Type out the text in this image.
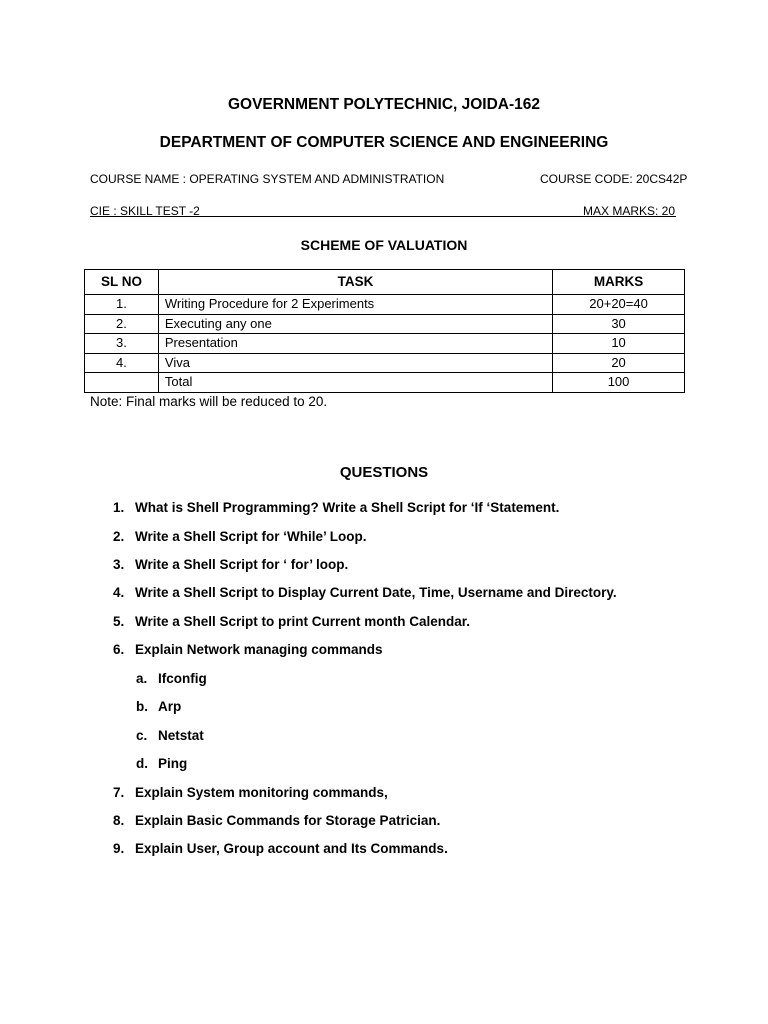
GOVERNMENT POLYTECHNIC, JOIDA-162
DEPARTMENT OF COMPUTER SCIENCE AND ENGINEERING
COURSE NAME : OPERATING SYSTEM AND ADMINISTRATION	COURSE CODE: 20CS42P
CIE : SKILL TEST -2	MAX MARKS: 20
SCHEME OF VALUATION
SL NO	TASK	MARKS
1.	Writing Procedure for 2 Experiments	20+20=40
2.	Executing any one	30
3.	Presentation	10
4.	Viva	20
	Total	100
Note: Final marks will be reduced to 20.
QUESTIONS
1. What is Shell Programming? Write a Shell Script for ‘If ‘Statement.
2. Write a Shell Script for ‘While’ Loop.
3. Write a Shell Script for ‘ for’ loop.
4. Write a Shell Script to Display Current Date, Time, Username and Directory.
5. Write a Shell Script to print Current month Calendar.
6. Explain Network managing commands
a. Ifconfig
b. Arp
c. Netstat
d. Ping
7. Explain System monitoring commands,
8. Explain Basic Commands for Storage Patrician.
9. Explain User, Group account and Its Commands.
